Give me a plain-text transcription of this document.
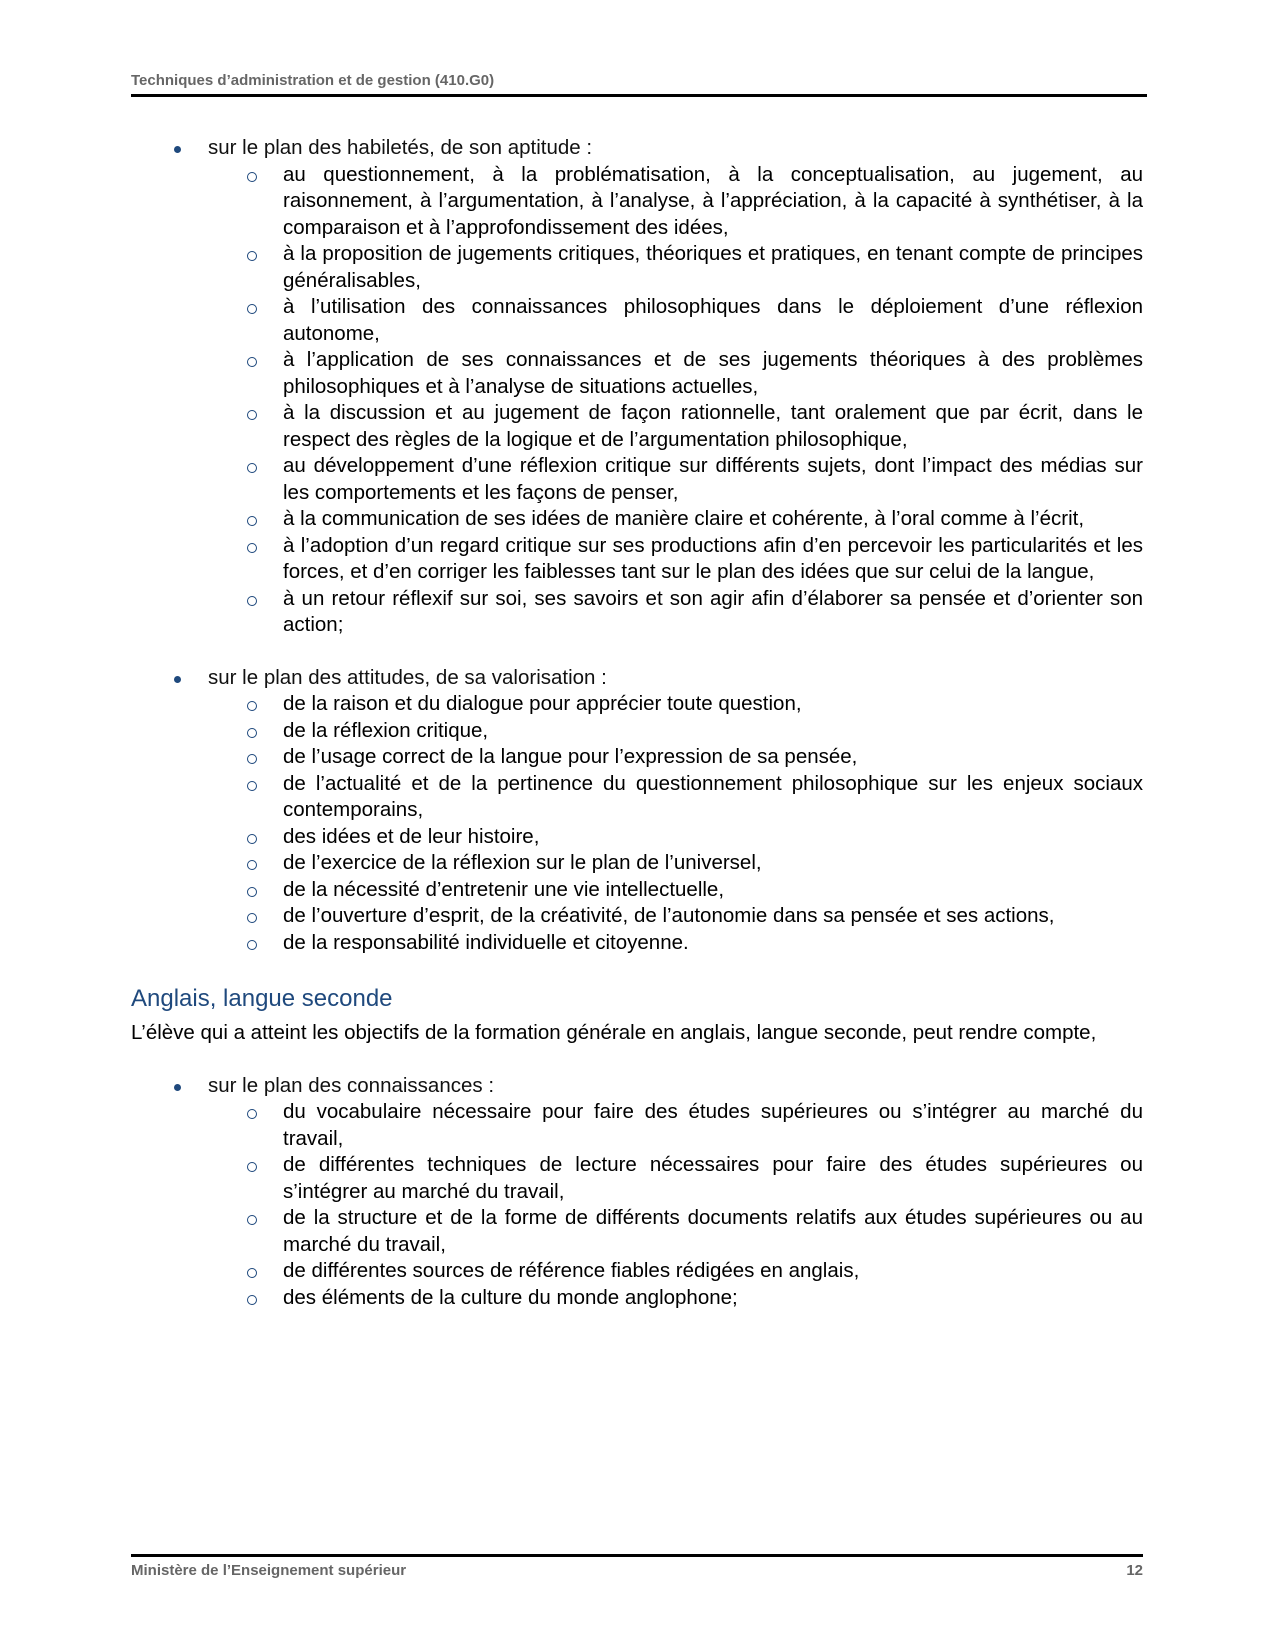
Techniques d’administration et de gestion (410.G0)
sur le plan des habiletés, de son aptitude :
au questionnement, à la problématisation, à la conceptualisation, au jugement, au raisonnement, à l’argumentation, à l’analyse, à l’appréciation, à la capacité à synthétiser, à la comparaison et à l’approfondissement des idées,
à la proposition de jugements critiques, théoriques et pratiques, en tenant compte de principes généralisables,
à l’utilisation des connaissances philosophiques dans le déploiement d’une réflexion autonome,
à l’application de ses connaissances et de ses jugements théoriques à des problèmes philosophiques et à l’analyse de situations actuelles,
à la discussion et au jugement de façon rationnelle, tant oralement que par écrit, dans le respect des règles de la logique et de l’argumentation philosophique,
au développement d’une réflexion critique sur différents sujets, dont l’impact des médias sur les comportements et les façons de penser,
à la communication de ses idées de manière claire et cohérente, à l’oral comme à l’écrit,
à l’adoption d’un regard critique sur ses productions afin d’en percevoir les particularités et les forces, et d’en corriger les faiblesses tant sur le plan des idées que sur celui de la langue,
à un retour réflexif sur soi, ses savoirs et son agir afin d’élaborer sa pensée et d’orienter son action;
sur le plan des attitudes, de sa valorisation :
de la raison et du dialogue pour apprécier toute question,
de la réflexion critique,
de l’usage correct de la langue pour l’expression de sa pensée,
de l’actualité et de la pertinence du questionnement philosophique sur les enjeux sociaux contemporains,
des idées et de leur histoire,
de l’exercice de la réflexion sur le plan de l’universel,
de la nécessité d’entretenir une vie intellectuelle,
de l’ouverture d’esprit, de la créativité, de l’autonomie dans sa pensée et ses actions,
de la responsabilité individuelle et citoyenne.
Anglais, langue seconde
L’élève qui a atteint les objectifs de la formation générale en anglais, langue seconde, peut rendre compte,
sur le plan des connaissances :
du vocabulaire nécessaire pour faire des études supérieures ou s’intégrer au marché du travail,
de différentes techniques de lecture nécessaires pour faire des études supérieures ou s’intégrer au marché du travail,
de la structure et de la forme de différents documents relatifs aux études supérieures ou au marché du travail,
de différentes sources de référence fiables rédigées en anglais,
des éléments de la culture du monde anglophone;
Ministère de l’Enseignement supérieur	12
